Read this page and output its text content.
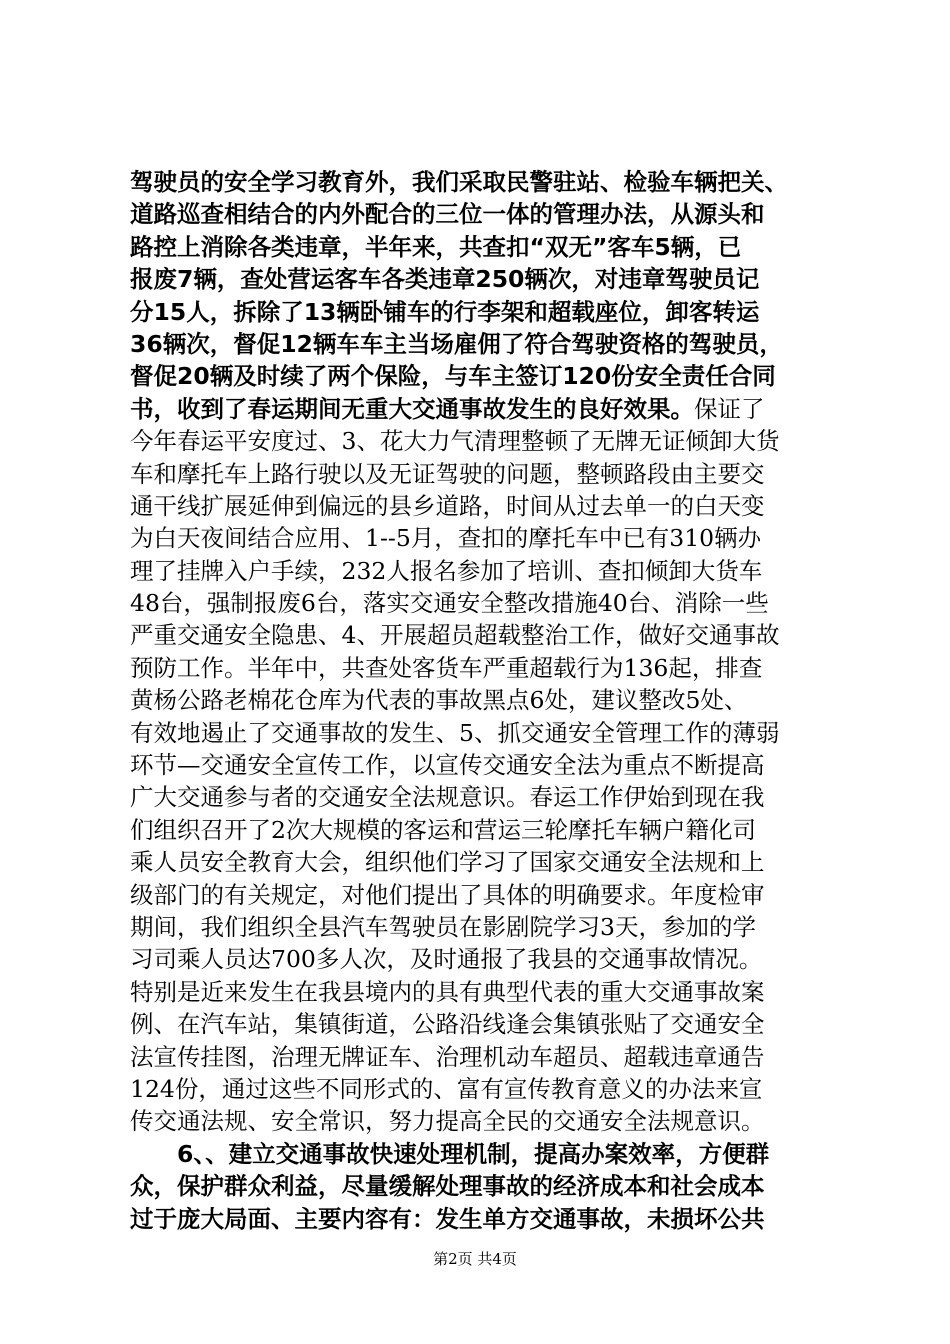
驾驶员的安全学习教育外，我们采取民警驻站、检验车辆把关、
道路巡查相结合的内外配合的三位一体的管理办法，从源头和
路控上消除各类违章，半年来，共查扣“双无”客车5辆，已
报废7辆，查处营运客车各类违章250辆次，对违章驾驶员记
分15人，拆除了13辆卧铺车的行李架和超载座位，卸客转运
36辆次，督促12辆车车主当场雇佣了符合驾驶资格的驾驶员，
督促20辆及时续了两个保险，与车主签订120份安全责任合同
书，收到了春运期间无重大交通事故发生的良好效果。保证了
今年春运平安度过、3、花大力气清理整顿了无牌无证倾卸大货
车和摩托车上路行驶以及无证驾驶的问题，整顿路段由主要交
通干线扩展延伸到偏远的县乡道路，时间从过去单一的白天变
为白天夜间结合应用、1--5月，查扣的摩托车中已有310辆办
理了挂牌入户手续，232人报名参加了培训、查扣倾卸大货车
48台，强制报废6台，落实交通安全整改措施40台、消除一些
严重交通安全隐患、4、开展超员超载整治工作，做好交通事故
预防工作。半年中，共查处客货车严重超载行为136起，排查
黄杨公路老棉花仓库为代表的事故黑点6处，建议整改5处、
有效地遏止了交通事故的发生、5、抓交通安全管理工作的薄弱
环节—交通安全宣传工作，以宣传交通安全法为重点不断提高
广大交通参与者的交通安全法规意识。春运工作伊始到现在我
们组织召开了2次大规模的客运和营运三轮摩托车辆户籍化司
乘人员安全教育大会，组织他们学习了国家交通安全法规和上
级部门的有关规定，对他们提出了具体的明确要求。年度检审
期间，我们组织全县汽车驾驶员在影剧院学习3天，参加的学
习司乘人员达700多人次，及时通报了我县的交通事故情况。
特别是近来发生在我县境内的具有典型代表的重大交通事故案
例、在汽车站，集镇街道，公路沿线逢会集镇张贴了交通安全
法宣传挂图，治理无牌证车、治理机动车超员、超载违章通告
124份，通过这些不同形式的、富有宣传教育意义的办法来宣
传交通法规、安全常识，努力提高全民的交通安全法规意识。
6、、建立交通事故快速处理机制，提高办案效率，方便群
众，保护群众利益，尽量缓解处理事故的经济成本和社会成本
过于庞大局面、主要内容有：发生单方交通事故，未损坏公共
第2页 共4页
